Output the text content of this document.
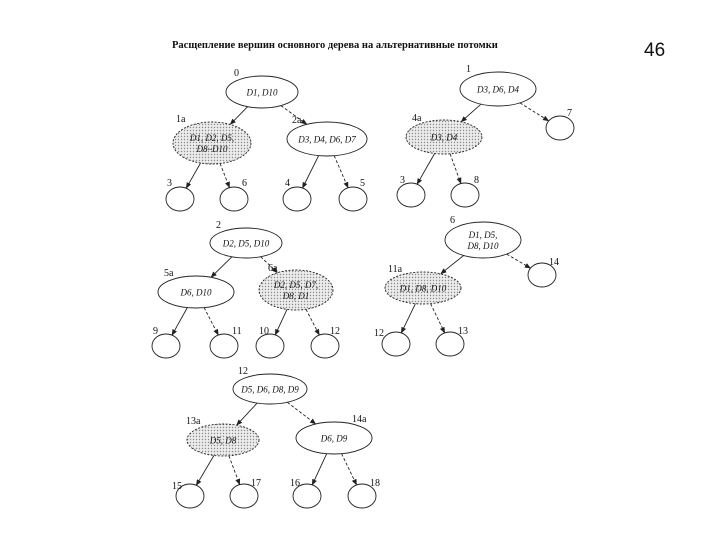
0
D1, D10
1a
D1, D2, D5,
D8–D10
2a
D3, D4, D6, D7
3	6	4	5
1
D3, D6, D4
4a
D3, D4
7
3	8
2
D2, D5, D10
5a
D6, D10
6a
D2, D5, D7,
D8, D1
9	11 10	12
6
D1, D5,
D8, D10
11a
D1, D8, D10
14
12	13
12
D5, D6, D8, D9
13a
D5, D8
14a
D6, D9
15	17	16	18
Расщепление вершин основного дерева на альтернативные потомки	46
